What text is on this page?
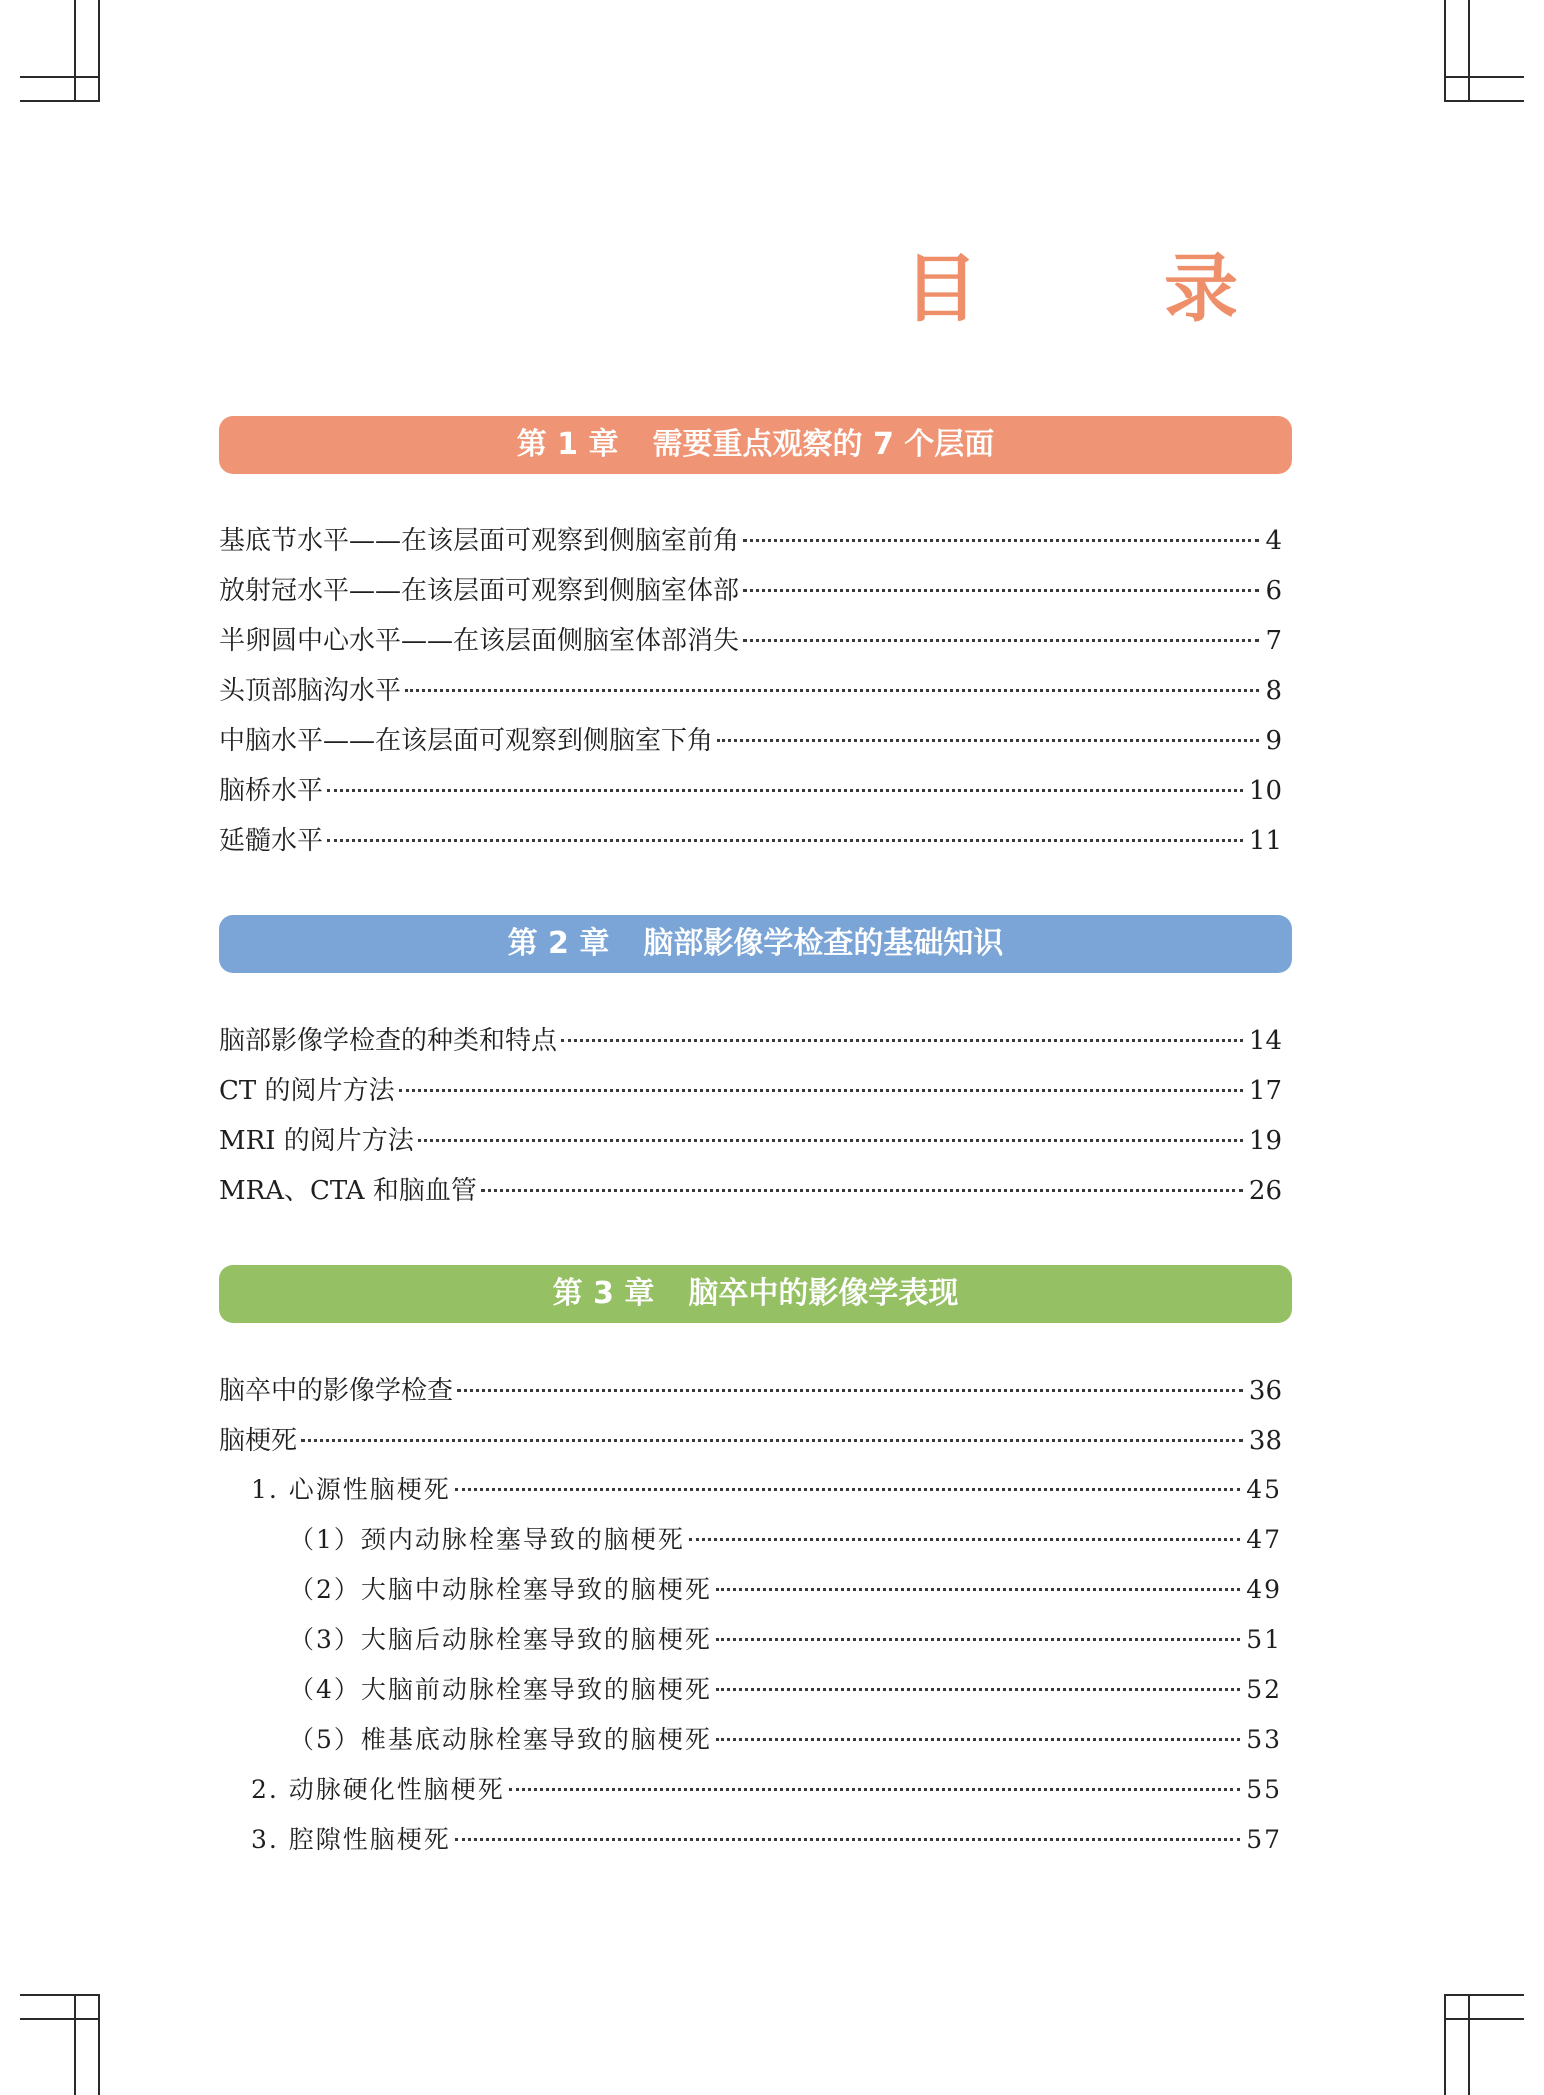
目　录
第 1 章 需要重点观察的 7 个层面
基底节水平——在该层面可观察到侧脑室前角	4
放射冠水平——在该层面可观察到侧脑室体部	6
半卵圆中心水平——在该层面侧脑室体部消失	7
头顶部脑沟水平	8
中脑水平——在该层面可观察到侧脑室下角	9
脑桥水平	10
延髓水平	11
第 2 章 脑部影像学检查的基础知识
脑部影像学检查的种类和特点	14
CT 的阅片方法	17
MRI 的阅片方法	19
MRA、CTA 和脑血管	26
第 3 章 脑卒中的影像学表现
脑卒中的影像学检查	36
脑梗死	38
1. 心源性脑梗死	45
（1）颈内动脉栓塞导致的脑梗死	47
（2）大脑中动脉栓塞导致的脑梗死	49
（3）大脑后动脉栓塞导致的脑梗死	51
（4）大脑前动脉栓塞导致的脑梗死	52
（5）椎基底动脉栓塞导致的脑梗死	53
2. 动脉硬化性脑梗死	55
3. 腔隙性脑梗死	57
